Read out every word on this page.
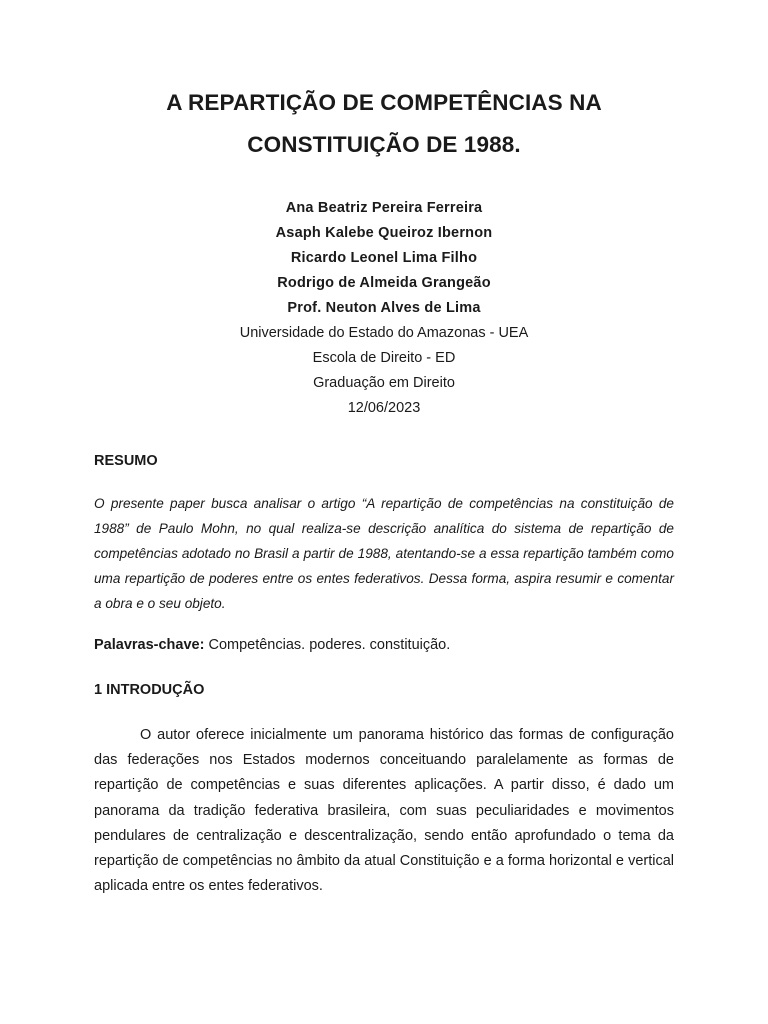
A REPARTIÇÃO DE COMPETÊNCIAS NA
CONSTITUIÇÃO DE 1988.
Ana Beatriz Pereira Ferreira
Asaph Kalebe Queiroz Ibernon
Ricardo Leonel Lima Filho
Rodrigo de Almeida Grangeão
Prof. Neuton Alves de Lima
Universidade do Estado do Amazonas - UEA
Escola de Direito - ED
Graduação em Direito
12/06/2023
RESUMO

O presente paper busca analisar o artigo “A repartição de competências na constituição de 1988” de Paulo Mohn, no qual realiza-se descrição analítica do sistema de repartição de competências adotado no Brasil a partir de 1988, atentando-se a essa repartição também como uma repartição de poderes entre os entes federativos. Dessa forma, aspira resumir e comentar a obra e o seu objeto.

Palavras-chave: Competências. poderes. constituição.

1 INTRODUÇÃO

O autor oferece inicialmente um panorama histórico das formas de configuração das federações nos Estados modernos conceituando paralelamente as formas de repartição de competências e suas diferentes aplicações. A partir disso, é dado um panorama da tradição federativa brasileira, com suas peculiaridades e movimentos pendulares de centralização e descentralização, sendo então aprofundado o tema da repartição de competências no âmbito da atual Constituição e a forma horizontal e vertical aplicada entre os entes federativos.
